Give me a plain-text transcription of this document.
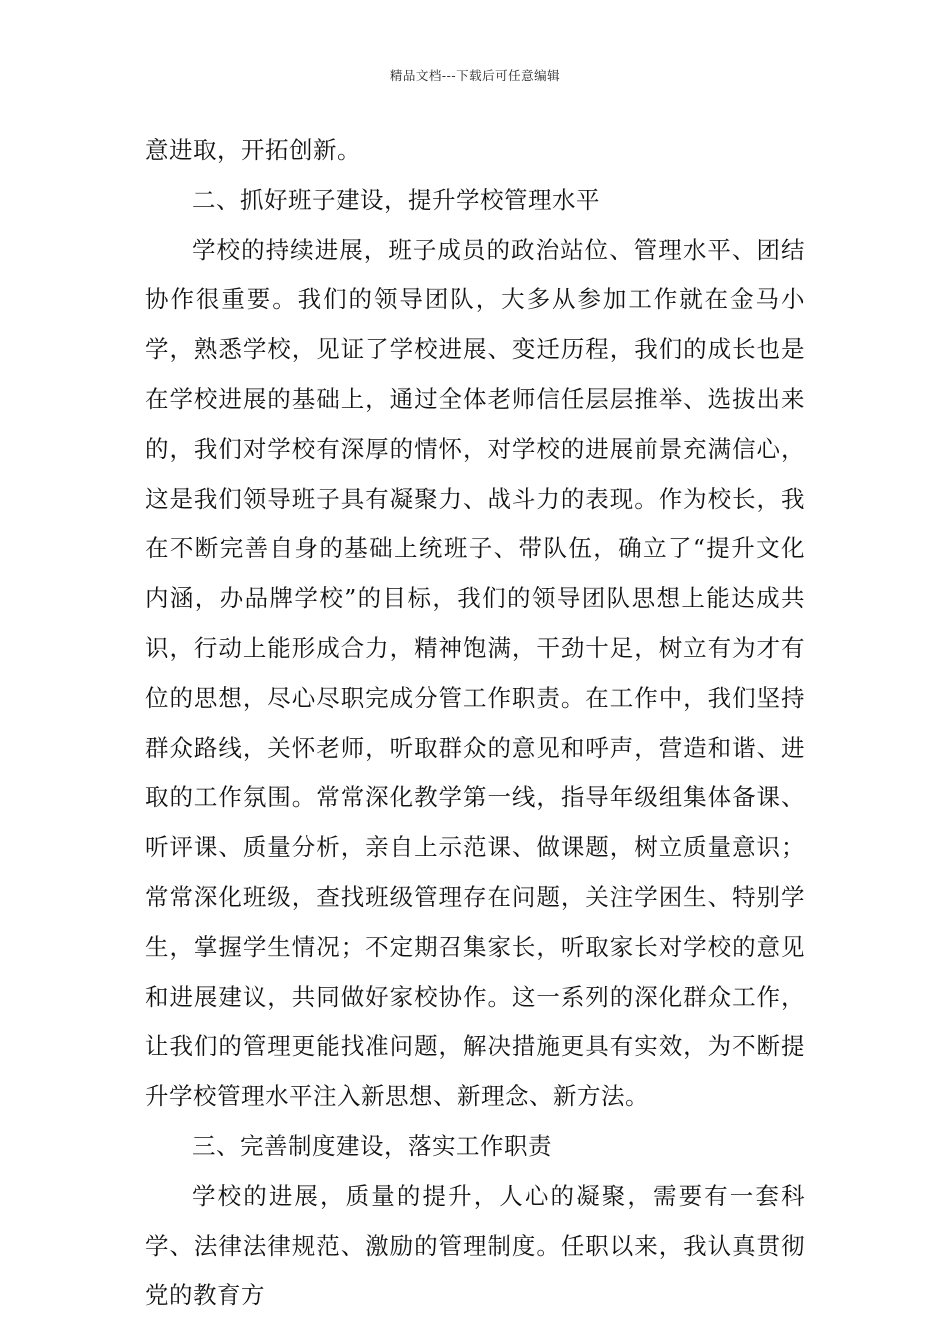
精品文档---下载后可任意编辑

意进取，开拓创新。

二、抓好班子建设，提升学校管理水平

学校的持续进展，班子成员的政治站位、管理水平、团结协作很重要。我们的领导团队，大多从参加工作就在金马小学，熟悉学校，见证了学校进展、变迁历程，我们的成长也是在学校进展的基础上，通过全体老师信任层层推举、选拔出来的，我们对学校有深厚的情怀，对学校的进展前景充满信心，这是我们领导班子具有凝聚力、战斗力的表现。作为校长，我在不断完善自身的基础上统班子、带队伍，确立了“提升文化内涵，办品牌学校”的目标，我们的领导团队思想上能达成共识，行动上能形成合力，精神饱满，干劲十足，树立有为才有位的思想，尽心尽职完成分管工作职责。在工作中，我们坚持群众路线，关怀老师，听取群众的意见和呼声，营造和谐、进取的工作氛围。常常深化教学第一线，指导年级组集体备课、听评课、质量分析，亲自上示范课、做课题，树立质量意识；常常深化班级，查找班级管理存在问题，关注学困生、特别学生，掌握学生情况；不定期召集家长，听取家长对学校的意见和进展建议，共同做好家校协作。这一系列的深化群众工作，让我们的管理更能找准问题，解决措施更具有实效，为不断提升学校管理水平注入新思想、新理念、新方法。

三、完善制度建设，落实工作职责

学校的进展，质量的提升，人心的凝聚，需要有一套科学、法律法律规范、激励的管理制度。任职以来，我认真贯彻党的教育方
